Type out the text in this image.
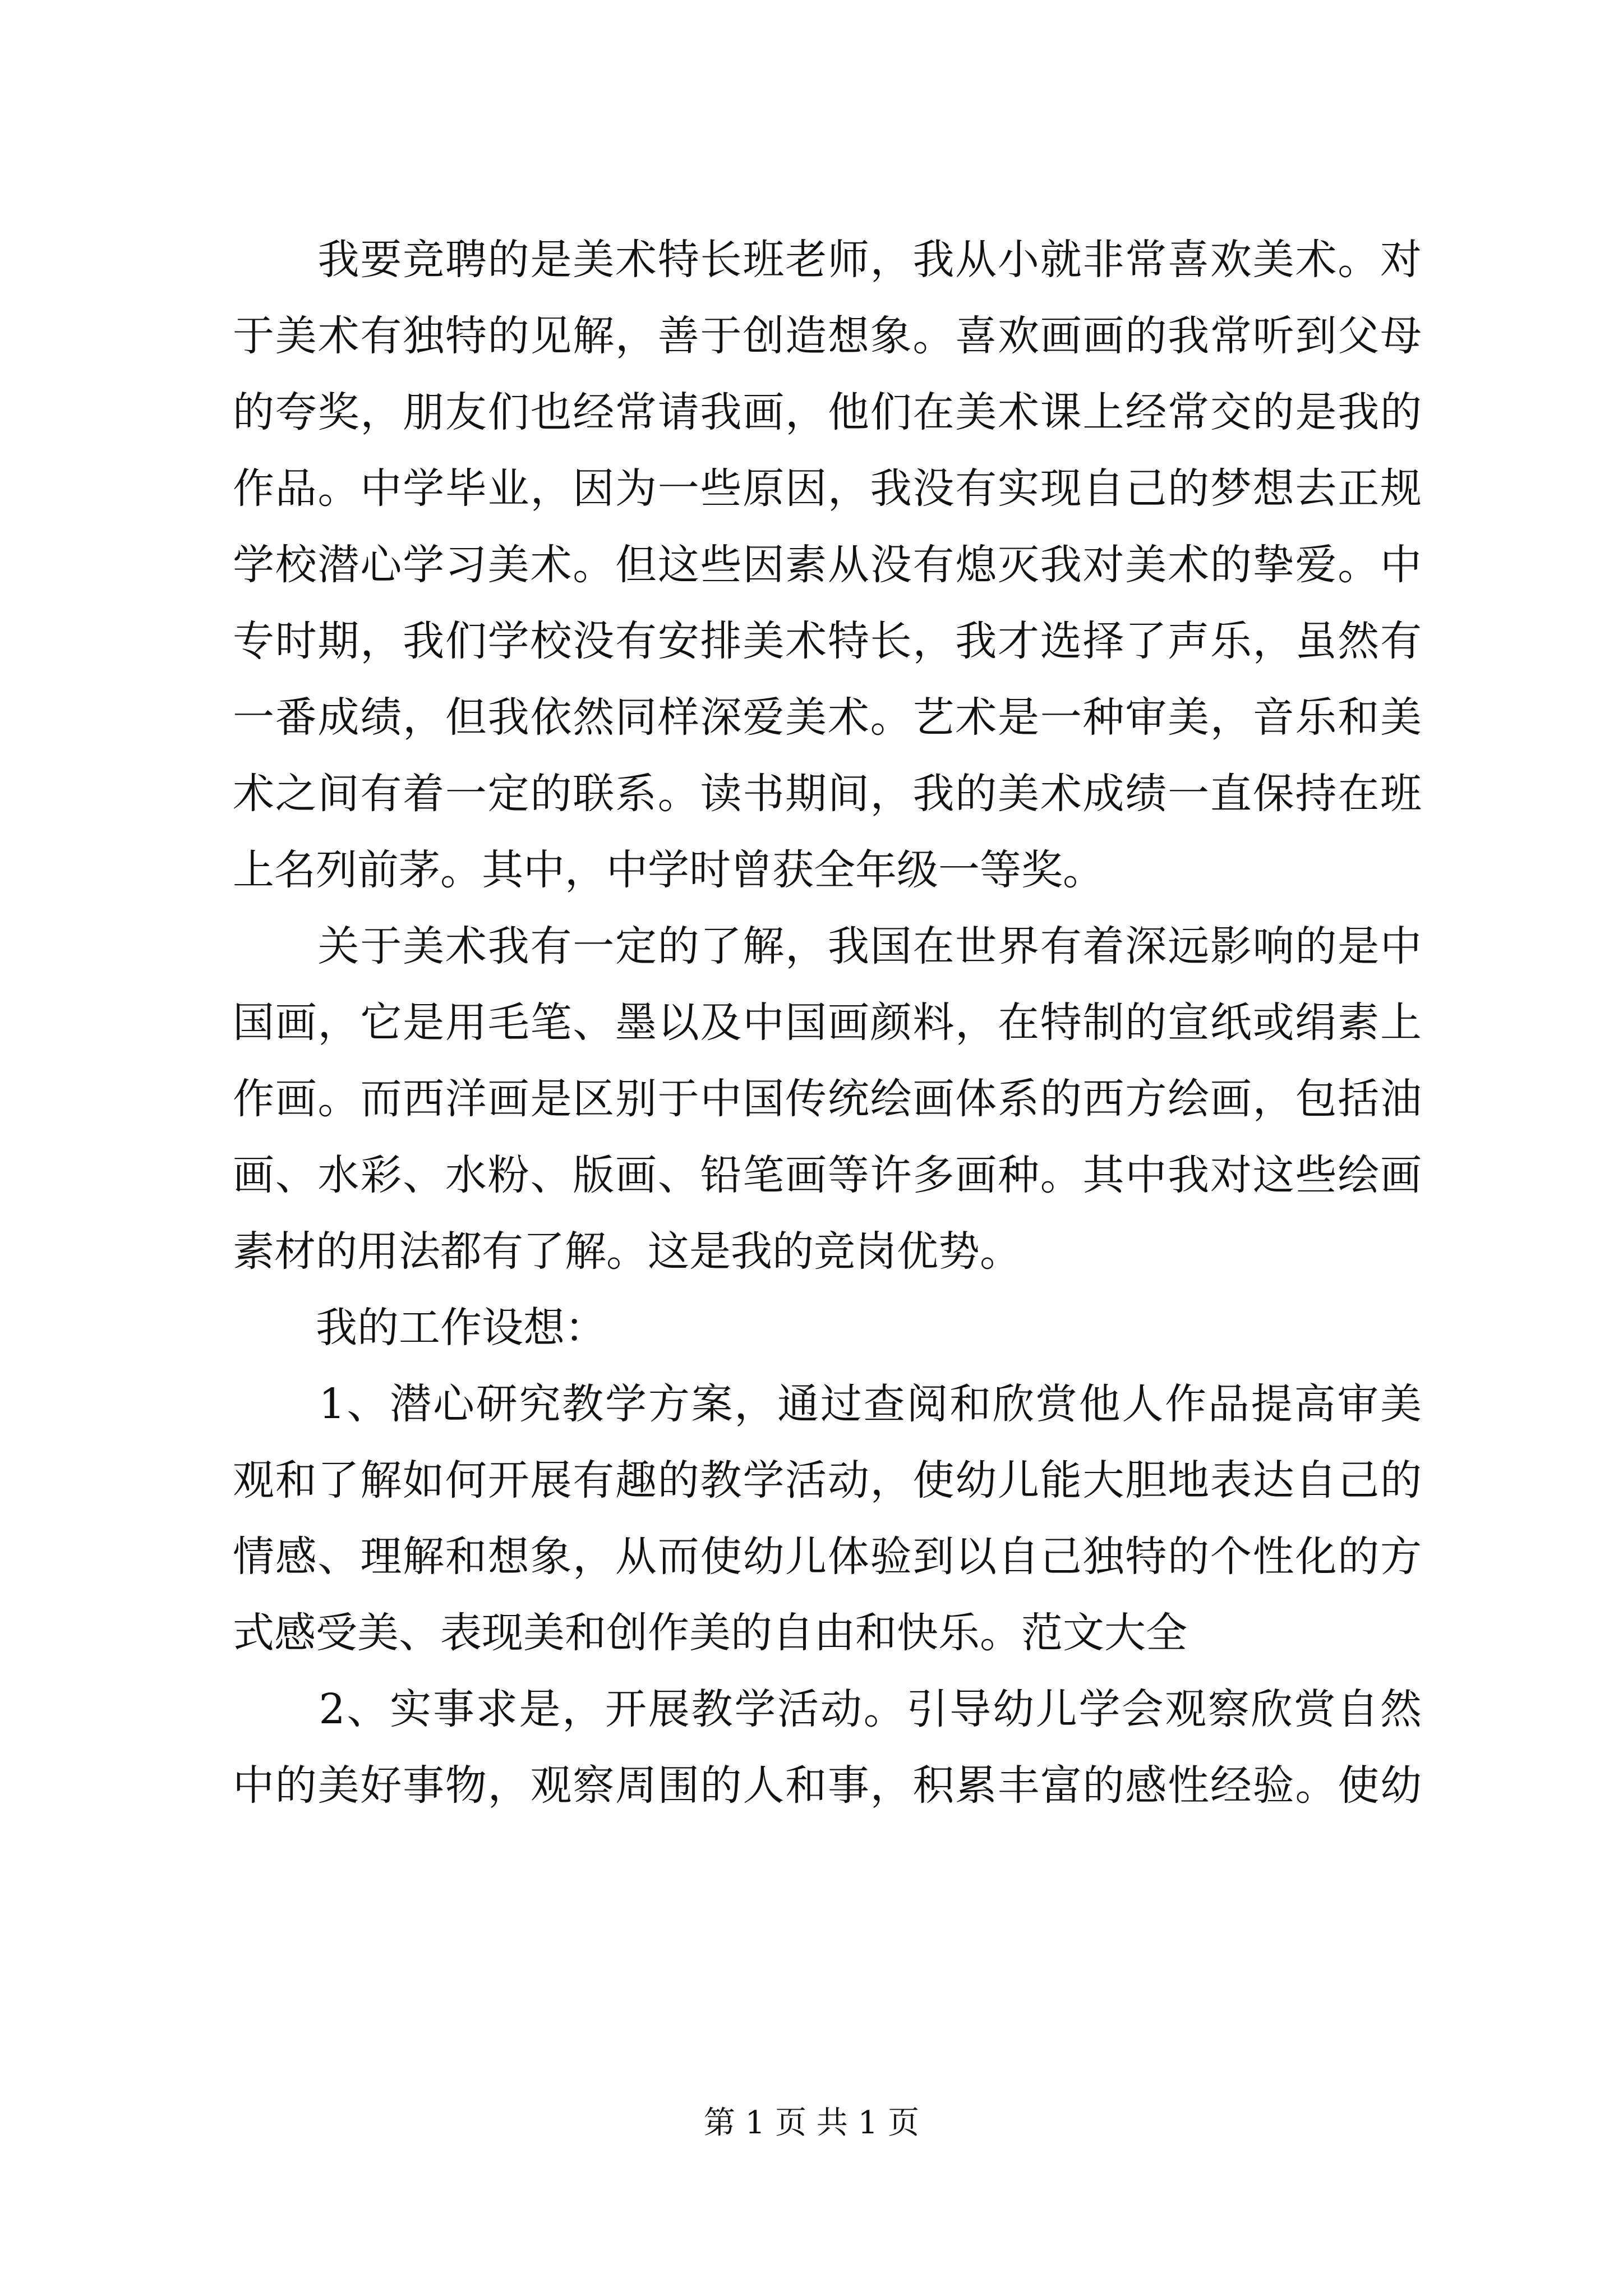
　　我要竞聘的是美术特长班老师，我从小就非常喜欢美术。对
于美术有独特的见解，善于创造想象。喜欢画画的我常听到父母
的夸奖，朋友们也经常请我画，他们在美术课上经常交的是我的
作品。中学毕业，因为一些原因，我没有实现自己的梦想去正规
学校潜心学习美术。但这些因素从没有熄灭我对美术的挚爱。中
专时期，我们学校没有安排美术特长，我才选择了声乐，虽然有
一番成绩，但我依然同样深爱美术。艺术是一种审美，音乐和美
术之间有着一定的联系。读书期间，我的美术成绩一直保持在班
上名列前茅。其中，中学时曾获全年级一等奖。
　　关于美术我有一定的了解，我国在世界有着深远影响的是中
国画，它是用毛笔、墨以及中国画颜料，在特制的宣纸或绢素上
作画。而西洋画是区别于中国传统绘画体系的西方绘画，包括油
画、水彩、水粉、版画、铅笔画等许多画种。其中我对这些绘画
素材的用法都有了解。这是我的竞岗优势。
　　我的工作设想：
　　1、潜心研究教学方案，通过查阅和欣赏他人作品提高审美
观和了解如何开展有趣的教学活动，使幼儿能大胆地表达自己的
情感、理解和想象，从而使幼儿体验到以自己独特的个性化的方
式感受美、表现美和创作美的自由和快乐。范文大全
　　2、实事求是，开展教学活动。引导幼儿学会观察欣赏自然
中的美好事物，观察周围的人和事，积累丰富的感性经验。使幼
第 1 页 共 1 页
